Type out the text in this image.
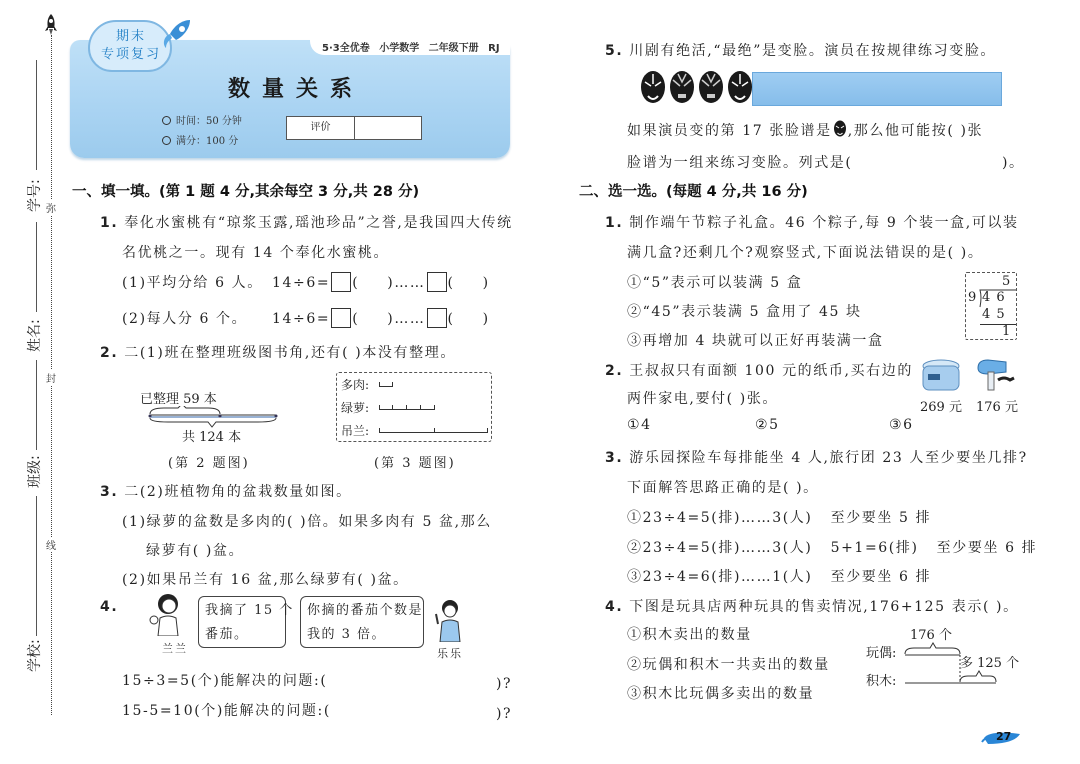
学号:
姓名:
班级:
学校:
弥
封
线
期末
专项复习	5·3全优卷 小学数学 二年级下册 RJ
数量关系
时间：50 分钟
满分：100 分
评价
一、填一填。(第 1 题 4 分,其余每空 3 分,共 28 分)
1. 奉化水蜜桃有“琼浆玉露,瑶池珍品”之誉,是我国四大传统
名优桃之一。现有 14 个奉化水蜜桃。
(1)平均分给 6 人。 14÷6= ( )…… ( )
(2)每人分 6 个。 14÷6= ( )…… ( )
2. 二(1)班在整理班级图书角,还有( )本没有整理。
已整理 59 本
共 124 本
(第 2 题图)
多肉:
绿萝:
吊兰:
(第 3 题图)
3. 二(2)班植物角的盆栽数量如图。
(1)绿萝的盆数是多肉的( )倍。如果多肉有 5 盆,那么
绿萝有( )盆。
(2)如果吊兰有 16 盆,那么绿萝有( )盆。
4.
兰兰
我摘了 15 个
番茄。
你摘的番茄个数是
我的 3 倍。
乐乐
15÷3=5(个)能解决的问题:(	)?
15-5=10(个)能解决的问题:(	)?
5. 川剧有绝活,“最绝”是变脸。演员在按规律练习变脸。
如果演员变的第 17 张脸谱是 ,那么他可能按( )张
脸谱为一组来练习变脸。列式是(	)。
二、选一选。(每题 4 分,共 16 分)
1. 制作端午节粽子礼盒。46 个粽子,每 9 个装一盒,可以装
满几盒?还剩几个?观察竖式,下面说法错误的是( )。
①“5”表示可以装满 5 盒
②“45”表示装满 5 盒用了 45 块
③再增加 4 块就可以正好再装满一盒
5
9 4 6
4 5
1
2. 王叔叔只有面额 100 元的纸币,买右边的
两件家电,要付( )张。
269 元 176 元
①4	②5	③6
3. 游乐园探险车每排能坐 4 人,旅行团 23 人至少要坐几排?
下面解答思路正确的是( )。
①23÷4=5(排)……3(人)   至少要坐 5 排
②23÷4=5(排)……3(人)   5+1=6(排)   至少要坐 6 排
③23÷4=6(排)……1(人)   至少要坐 6 排
4. 下图是玩具店两种玩具的售卖情况,176+125 表示( )。
①积木卖出的数量
②玩偶和积木一共卖出的数量
③积木比玩偶多卖出的数量
176 个
玩偶:
积木:
多 125 个
27
